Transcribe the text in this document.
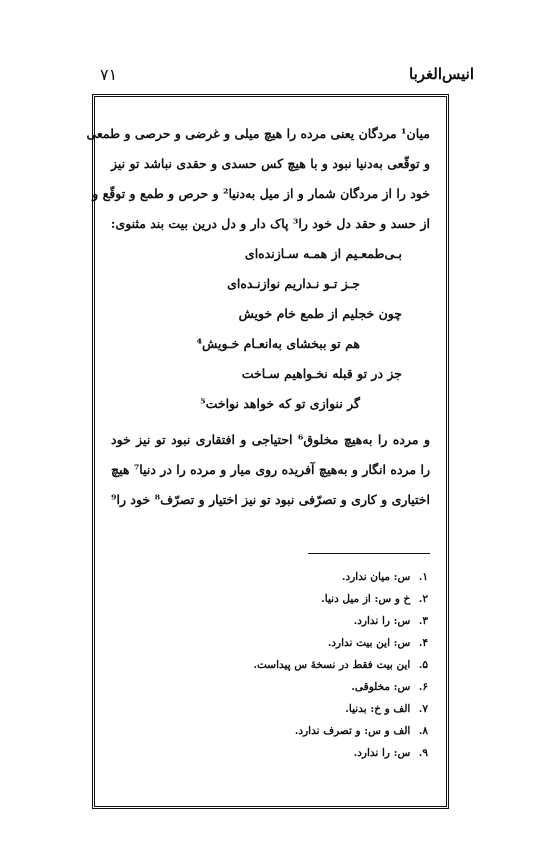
۷۱	انیس‌الغربا
میان¹ مردگان یعنی مرده را هیچ میلی و غرضی و حرصی و طمعی
و توقّعی به‌دنیا نبود و با هیچ کس حسدی و حقدی نباشد تو نیز
خود را از مردگان شمار و از میل به‌دنیا² و حرص و طمع و توقّع و
از حسد و حقد دل خود را³ پاک دار و دل درین بیت بند مثنوی:
بـی‌طمعـیم از همـه سـازنده‌ای
جـز تـو نـداریم نوازنـده‌ای
چون خجلیم از طمع خام خویش
هم تو ببخشای به‌انعـام خـویش⁴
جز در تو قبله نخـواهیم سـاخت
گر ننوازی تو که خواهد نواخت⁵
و مرده را به‌هیچ مخلوق⁶ احتیاجی و افتقاری نبود تو نیز خود
را مرده انگار و به‌هیچ آفریده روی میار و مرده را در دنیا⁷ هیچ
اختیاری و کاری و تصرّفی نبود تو نیز اختیار و تصرّف⁸ خود را⁹
۱. س: میان ندارد.
۲. خ و س: از میل دنیا.
۳. س: را ندارد.
۴. س: این بیت ندارد.
۵. این بیت فقط در نسخهٔ س پیداست.
۶. س: مخلوقی.
۷. الف و خ: بدنیا.
۸. الف و س: و تصرف ندارد.
۹. س: را ندارد.
